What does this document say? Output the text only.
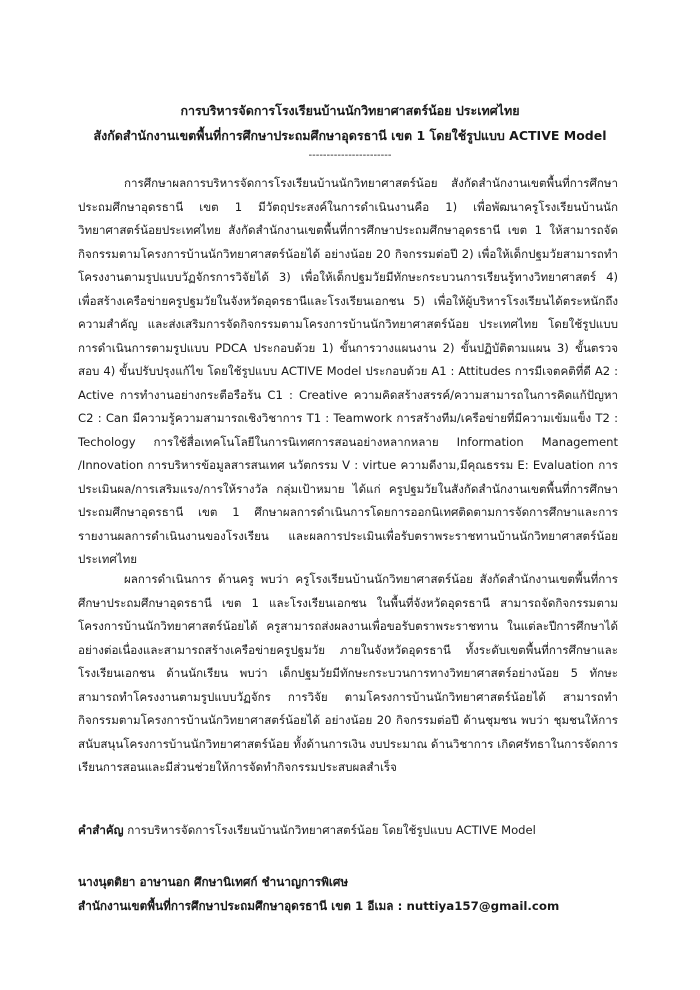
การบริหารจัดการโรงเรียนบ้านนักวิทยาศาสตร์น้อย ประเทศไทย
สังกัดสำนักงานเขตพื้นที่การศึกษาประถมศึกษาอุดรธานี เขต 1 โดยใช้รูปแบบ ACTIVE Model
-----------------------

การศึกษาผลการบริหารจัดการโรงเรียนบ้านนักวิทยาศาสตร์น้อย สังกัดสำนักงานเขตพื้นที่การศึกษาประถมศึกษาอุดรธานี เขต 1 มีวัตถุประสงค์ในการดำเนินงานคือ 1) เพื่อพัฒนาครูโรงเรียนบ้านนักวิทยาศาสตร์น้อยประเทศไทย สังกัดสำนักงานเขตพื้นที่การศึกษาประถมศึกษาอุดรธานี เขต 1 ให้สามารถจัดกิจกรรมตามโครงการบ้านนักวิทยาศาสตร์น้อยได้ อย่างน้อย 20 กิจกรรมต่อปี 2) เพื่อให้เด็กปฐมวัยสามารถทำโครงงานตามรูปแบบวัฏจักรการวิจัยได้ 3) เพื่อให้เด็กปฐมวัยมีทักษะกระบวนการเรียนรู้ทางวิทยาศาสตร์ 4) เพื่อสร้างเครือข่ายครูปฐมวัยในจังหวัดอุดรธานีและโรงเรียนเอกชน 5) เพื่อให้ผู้บริหารโรงเรียนได้ตระหนักถึงความสำคัญ และส่งเสริมการจัดกิจกรรมตามโครงการบ้านนักวิทยาศาสตร์น้อย ประเทศไทย โดยใช้รูปแบบการดำเนินการตามรูปแบบ PDCA ประกอบด้วย 1) ขั้นการวางแผนงาน 2) ขั้นปฏิบัติตามแผน 3) ขั้นตรวจสอบ 4) ขั้นปรับปรุงแก้ไข โดยใช้รูปแบบ ACTIVE Model ประกอบด้วย A1 : Attitudes การมีเจตคติที่ดี A2 : Active การทำงานอย่างกระตือรือร้น C1 : Creative ความคิดสร้างสรรค์/ความสามารถในการคิดแก้ปัญหา C2 : Can มีความรู้ความสามารถเชิงวิชาการ T1 : Teamwork การสร้างทีม/เครือข่ายที่มีความเข้มแข็ง T2 : Techology การใช้สื่อเทคโนโลยีในการนิเทศการสอนอย่างหลากหลาย Information Management /Innovation การบริหารข้อมูลสารสนเทศ นวัตกรรม V : virtue ความดีงาม,มีคุณธรรม E: Evaluation การประเมินผล/การเสริมแรง/การให้รางวัล กลุ่มเป้าหมาย ได้แก่ ครูปฐมวัยในสังกัดสำนักงานเขตพื้นที่การศึกษาประถมศึกษาอุดรธานี เขต 1 ศึกษาผลการดำเนินการโดยการออกนิเทศติดตามการจัดการศึกษาและการรายงานผลการดำเนินงานของโรงเรียน และผลการประเมินเพื่อรับตราพระราชทานบ้านนักวิทยาศาสตร์น้อยประเทศไทย

ผลการดำเนินการ ด้านครู พบว่า ครูโรงเรียนบ้านนักวิทยาศาสตร์น้อย สังกัดสำนักงานเขตพื้นที่การศึกษาประถมศึกษาอุดรธานี เขต 1 และโรงเรียนเอกชน ในพื้นที่จังหวัดอุดรธานี สามารถจัดกิจกรรมตามโครงการบ้านนักวิทยาศาสตร์น้อยได้ ครูสามารถส่งผลงานเพื่อขอรับตราพระราชทาน ในแต่ละปีการศึกษาได้อย่างต่อเนื่องและสามารถสร้างเครือข่ายครูปฐมวัย ภายในจังหวัดอุดรธานี ทั้งระดับเขตพื้นที่การศึกษาและโรงเรียนเอกชน ด้านนักเรียน พบว่า เด็กปฐมวัยมีทักษะกระบวนการทางวิทยาศาสตร์อย่างน้อย 5 ทักษะ สามารถทำโครงงานตามรูปแบบวัฏจักร การวิจัย ตามโครงการบ้านนักวิทยาศาสตร์น้อยได้ สามารถทำกิจกรรมตามโครงการบ้านนักวิทยาศาสตร์น้อยได้ อย่างน้อย 20 กิจกรรมต่อปี ด้านชุมชน พบว่า ชุมชนให้การสนับสนุนโครงการบ้านนักวิทยาศาสตร์น้อย ทั้งด้านการเงิน งบประมาณ ด้านวิชาการ เกิดศรัทธาในการจัดการเรียนการสอนและมีส่วนช่วยให้การจัดทำกิจกรรมประสบผลสำเร็จ

คำสำคัญ การบริหารจัดการโรงเรียนบ้านนักวิทยาศาสตร์น้อย โดยใช้รูปแบบ ACTIVE Model
นางนุตติยา อาษานอก ศึกษานิเทศก์ ชำนาญการพิเศษ
สำนักงานเขตพื้นที่การศึกษาประถมศึกษาอุดรธานี เขต 1 อีเมล : nuttiya157@gmail.com
